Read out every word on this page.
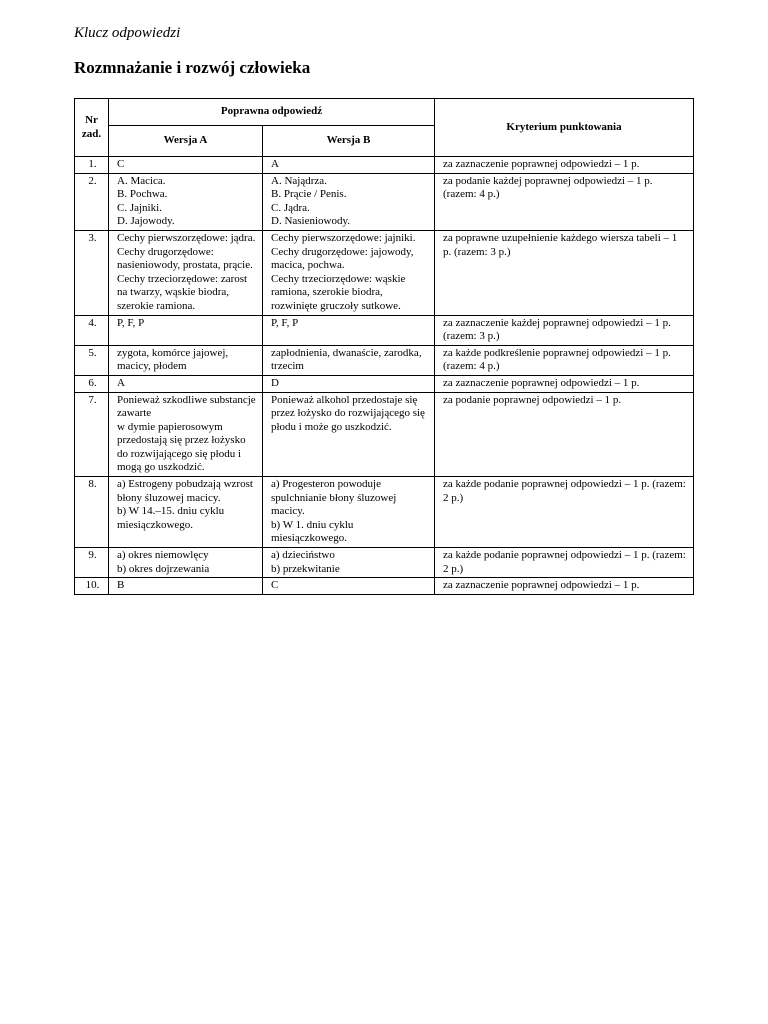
Klucz odpowiedzi
Rozmnażanie i rozwój człowieka
Nr zad.	Poprawna odpowiedź		Kryterium punktowania
	Wersja A	Wersja B	
1.	C	A	za zaznaczenie poprawnej odpowiedzi – 1 p.
2.	A. Macica.
B. Pochwa.
C. Jajniki.
D. Jajowody.	A. Najądrza.
B. Prącie / Penis.
C. Jądra.
D. Nasieniowody.	za podanie każdej poprawnej odpowiedzi – 1 p. (razem: 4 p.)
3.	Cechy pierwszorzędowe: jądra.
Cechy drugorzędowe: nasieniowody, prostata, prącie.
Cechy trzeciorzędowe: zarost na twarzy, wąskie biodra, szerokie ramiona.	Cechy pierwszorzędowe: jajniki.
Cechy drugorzędowe: jajowody, macica, pochwa.
Cechy trzeciorzędowe: wąskie ramiona, szerokie biodra, rozwinięte gruczoły sutkowe.	za poprawne uzupełnienie każdego wiersza tabeli – 1 p. (razem: 3 p.)
4.	P, F, P	P, F, P	za zaznaczenie każdej poprawnej odpowiedzi – 1 p. (razem: 3 p.)
5.	zygota, komórce jajowej, macicy, płodem	zapłodnienia, dwanaście, zarodka, trzecim	za każde podkreślenie poprawnej odpowiedzi – 1 p. (razem: 4 p.)
6.	A	D	za zaznaczenie poprawnej odpowiedzi – 1 p.
7.	Ponieważ szkodliwe substancje zawarte
w dymie papierosowym przedostają się przez łożysko do rozwijającego się płodu i mogą go uszkodzić.	Ponieważ alkohol przedostaje się przez łożysko do rozwijającego się płodu i może go uszkodzić.	za podanie poprawnej odpowiedzi – 1 p.
8.	a) Estrogeny pobudzają wzrost błony śluzowej macicy.
b) W 14.–15. dniu cyklu miesiączkowego.	a) Progesteron powoduje spulchnianie błony śluzowej macicy.
b) W 1. dniu cyklu miesiączkowego.	za każde podanie poprawnej odpowiedzi – 1 p. (razem: 2 p.)
9.	a) okres niemowlęcy
b) okres dojrzewania	a) dzieciństwo
b) przekwitanie	za każde podanie poprawnej odpowiedzi – 1 p. (razem: 2 p.)
10.	B	C	za zaznaczenie poprawnej odpowiedzi – 1 p.
